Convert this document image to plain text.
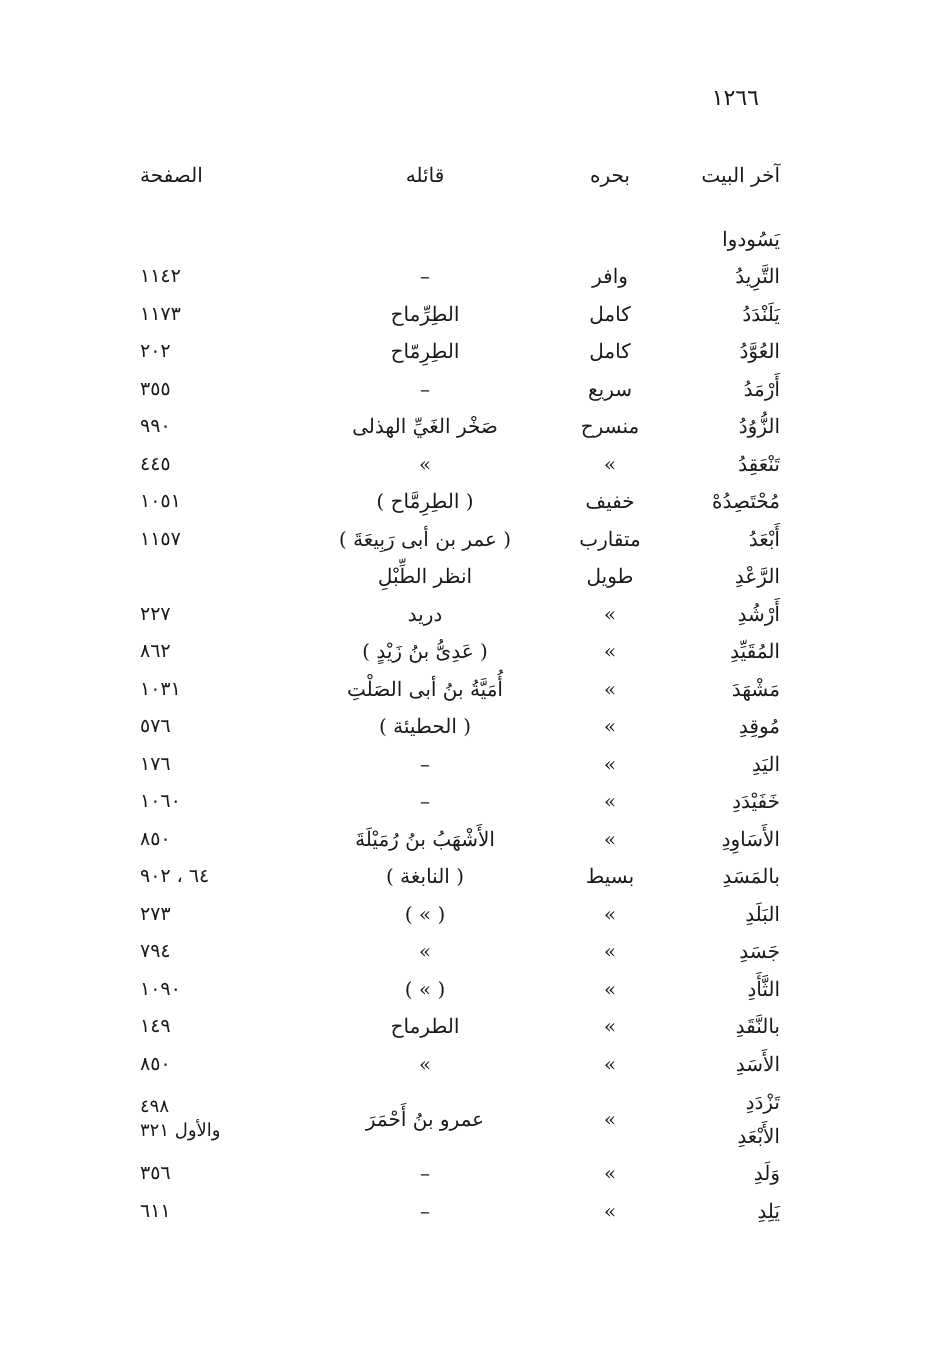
١٢٦٦
آخر البيت	بحره	قائله	الصفحة

يَسُودوا			
التَّرِيدُ	وافر	–	١١٤٢
يَلَنْدَدُ	كامل	الطِرِّماح	١١٧٣
العُوَّدُ	كامل	الطِرِمّاح	٢٠٢
أَرْمَدُ	سريع	–	٣٥٥
الزُّوُدُ	منسرح	صَخْر الغَيِّ الهذلى	٩٩٠
تَنْعَقِدُ	»	»	٤٤٥
مُحْتَصِدُهْ	خفيف	( الطِرِمَّاح )	١٠٥١
أَبْعَدُ	متقارب	( عمر بن أبى رَبِيعَةَ )	١١٥٧
الرَّعْدِ	طويل	انظر الطِّبْلِ	
أَرْشُدِ	»	دريد	٢٢٧
المُقَيِّدِ	»	( عَدِىُّ بنُ زَيْدٍ )	٨٦٢
مَشْهَدَ	»	أُمَيَّةُ بنُ أبى الصَلْتِ	١٠٣١
مُوقِدِ	»	( الحطيئة )	٥٧٦
اليَدِ	»	–	١٧٦
خَفَيْدَدِ	»	–	١٠٦٠
الأَسَاوِدِ	»	الأَشْهَبُ بنُ رُمَيْلَةَ	٨٥٠
بالمَسَدِ	بسيط	( النابغة )	٦٤ ، ٩٠٢
البَلَدِ	»	( » )	٢٧٣
جَسَدِ	»	»	٧٩٤
الثَّأَدِ	»	( » )	١٠٩٠
بالنَّقَدِ	»	الطرماح	١٤٩
الأَسَدِ	»	»	٨٥٠

تَزْدَدِ
الأَبْعَدِ	»	عمرو بنُ أَحْمَرَ	٤٩٨
والأول ٣٢١

وَلَدِ	»	–	٣٥٦
يَلِدِ	»	–	٦١١
